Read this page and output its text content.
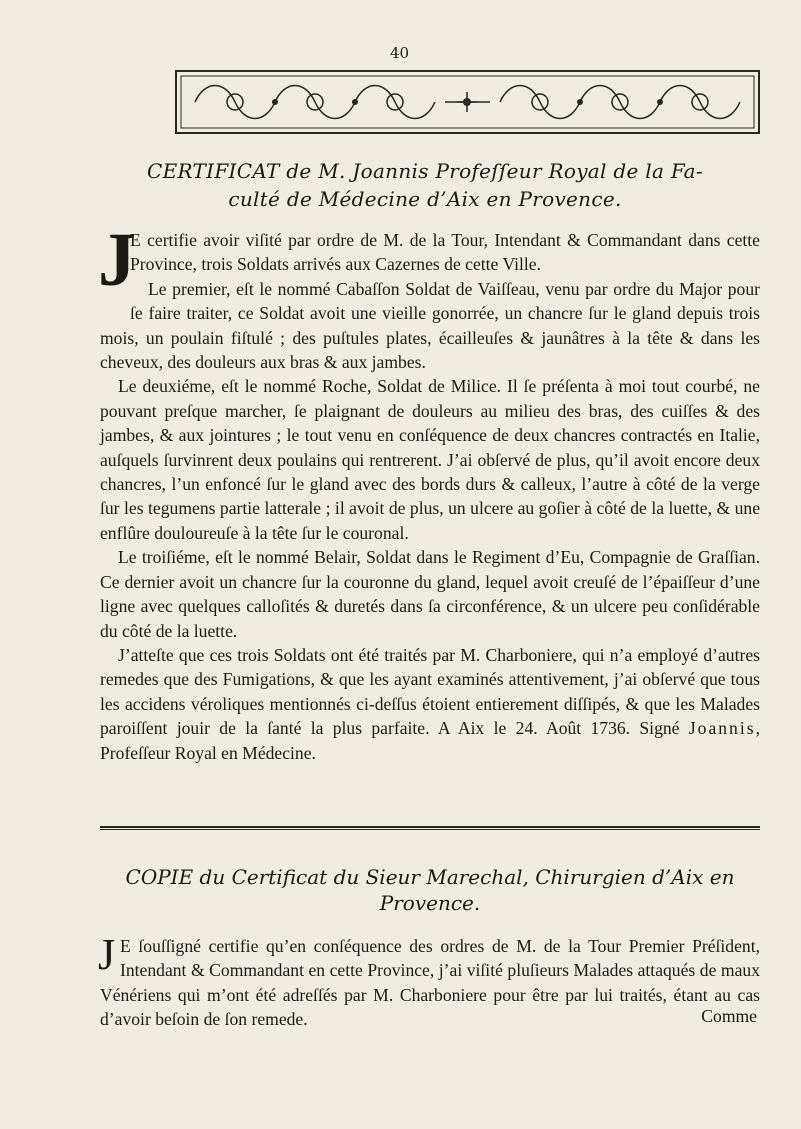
40
CERTIFICAT de M. Joannis Profeſſeur Royal de la Fa-
culté de Médecine d’Aix en Provence.

J
E certifie avoir viſité par ordre de M. de la Tour, Intendant & Commandant dans cette Province, trois Soldats arrivés aux Cazernes de cette Ville.

Le premier, eſt le nommé Cabaſſon Soldat de Vaiſſeau, venu par ordre du Major pour ſe faire traiter, ce Soldat avoit une vieille gonorrée, un chancre ſur le gland depuis trois mois, un poulain fiſtulé ; des puſtules plates, écailleuſes & jaunâtres à la tête & dans les cheveux, des douleurs aux bras & aux jambes.

Le deuxiéme, eſt le nommé Roche, Soldat de Milice. Il ſe préſenta à moi tout courbé, ne pouvant preſque marcher, ſe plaignant de douleurs au milieu des bras, des cuiſſes & des jambes, & aux jointures ; le tout venu en conſéquence de deux chancres contractés en Italie, auſquels ſurvinrent deux poulains qui rentrerent. J’ai obſervé de plus, qu’il avoit encore deux chancres, l’un enfoncé ſur le gland avec des bords durs & calleux, l’autre à côté de la verge ſur les tegumens partie latterale ; il avoit de plus, un ulcere au goſier à côté de la luette, & une enflûre douloureuſe à la tête ſur le couronal.

Le troiſiéme, eſt le nommé Belair, Soldat dans le Regiment d’Eu, Compagnie de Graſſian. Ce dernier avoit un chancre ſur la couronne du gland, lequel avoit creuſé de l’épaiſſeur d’une ligne avec quelques calloſités & duretés dans ſa circonférence, & un ulcere peu conſidérable du côté de la luette.

J’atteſte que ces trois Soldats ont été traités par M. Charboniere, qui n’a employé d’autres remedes que des Fumigations, & que les ayant examinés attentivement, j’ai obſervé que tous les accidens véroliques mentionnés ci-deſſus étoient entierement diſſipés, & que les Malades paroiſſent jouir de la ſanté la plus parfaite. A Aix le 24. Août 1736. Signé Joannis, Profeſſeur Royal en Médecine.

COPIE du Certificat du Sieur Marechal, Chirurgien d’Aix en
Provence.

J E ſouſſigné certifie qu’en conſéquence des ordres de M. de la Tour Premier Préſident, Intendant & Commandant en cette Province, j’ai viſité pluſieurs Malades attaqués de maux Vénériens qui m’ont été adreſſés par M. Charboniere pour être par lui traités, étant au cas d’avoir beſoin de ſon remede.	Comme
